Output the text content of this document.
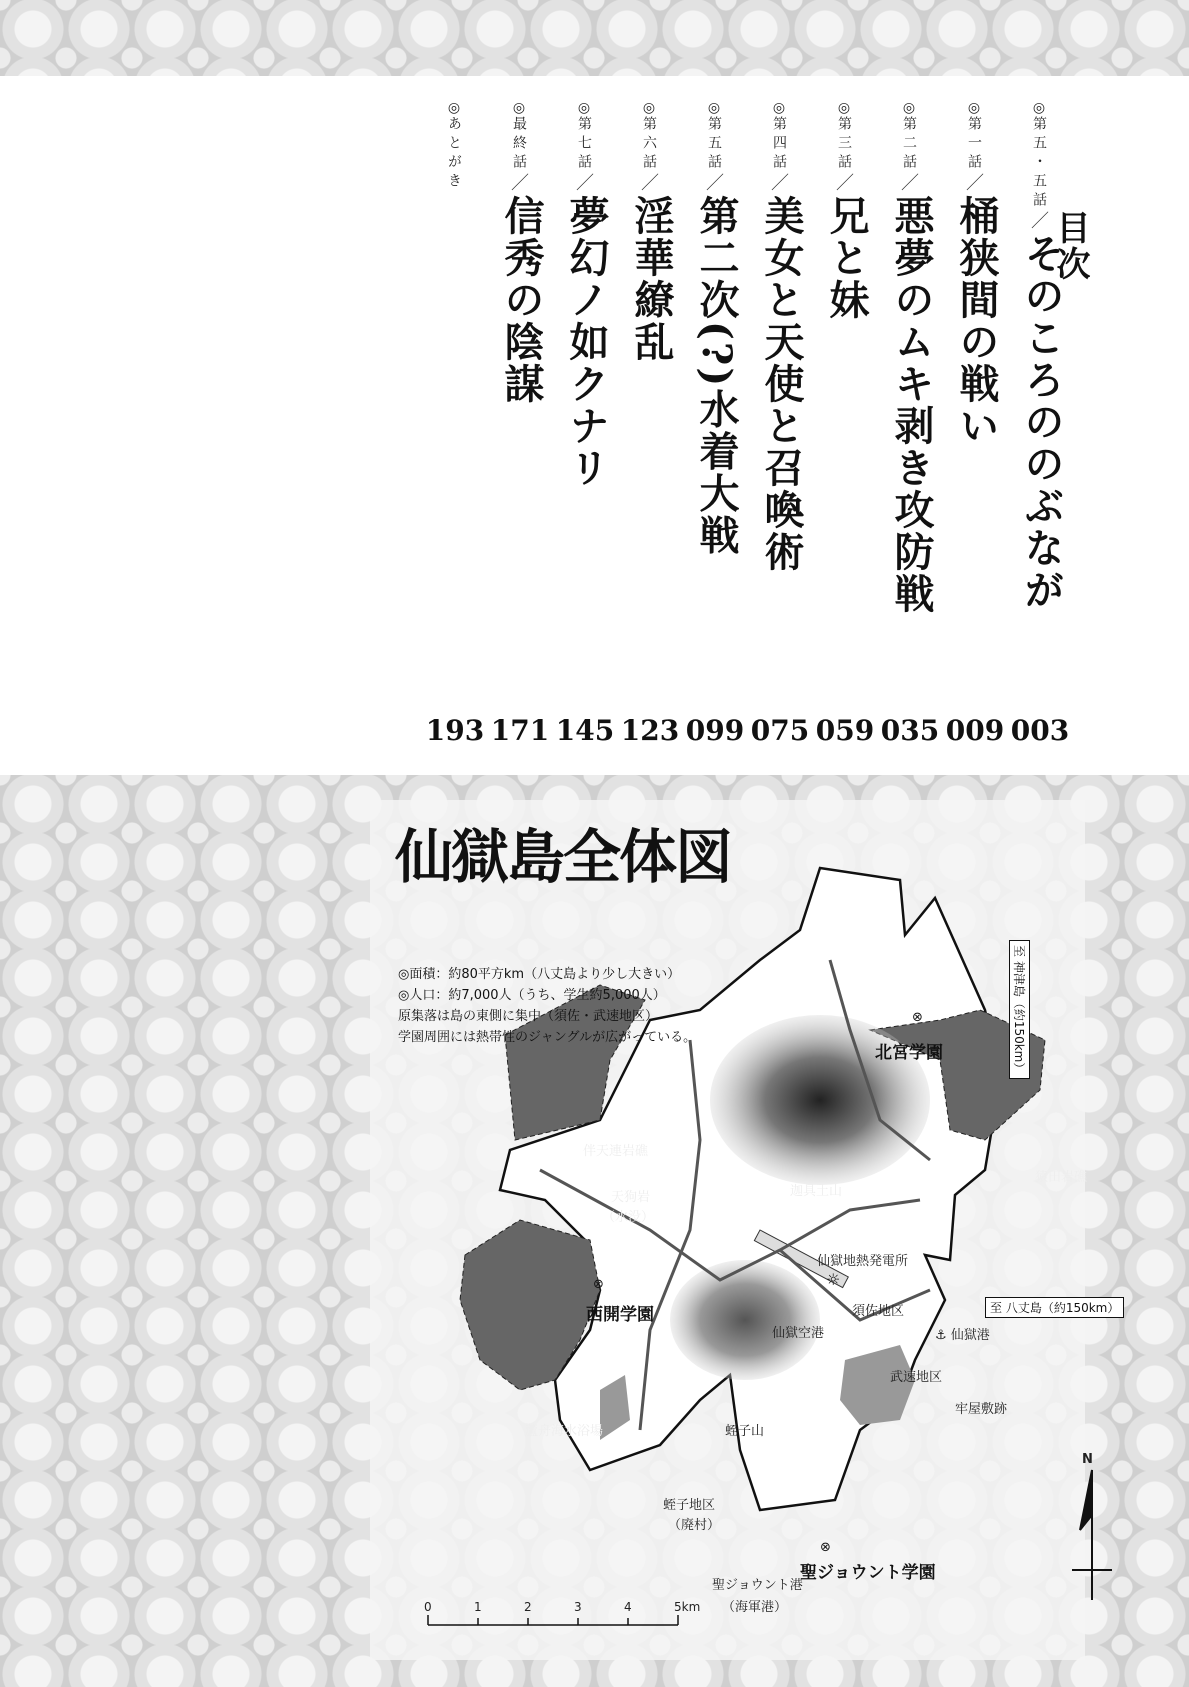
目次
◎ 第五・五話
／
そのころののぶなが
003
◎ 第一話
／
桶狭間の戦い
009
◎ 第二話
／
悪夢のムキ剥き攻防戦
035
◎ 第三話
／
兄と妹
059
◎ 第四話
／
美女と天使と召喚術
075
◎ 第五話
／
第二次(?)水着大戦
099
◎ 第六話
／
淫華繚乱
123
◎ 第七話
／
夢幻ノ如クナリ
145
◎ 最終話
／
信秀の陰謀
171
◎ あとがき
193
仙獄島全体図
◎面積：約80平方km（八丈島より少し大きい）
◎人口：約7,000人（うち、学生約5,000人）
原集落は島の東側に集中（須佐・武速地区）
学園周囲には熱帯性のジャングルが広がっている。	至 神津島（約150km）
至 八丈島（約150km）
⊗
北宮学園
⊗
西開学園
⊗
聖ジョウント学園
伴天連岩礁
天狗岩
（水没）
猿田岩礁
迦具土山
仙獄地熱発電所
☼
須佐地区
仙獄空港	⚓ 仙獄港
武速地区
牢屋敷跡
蘆舟海水浴場	蛭子山
蛭子地区
（廃村）
聖ジョウント港
（海軍港）
N
0	1	2	3	4	5km
